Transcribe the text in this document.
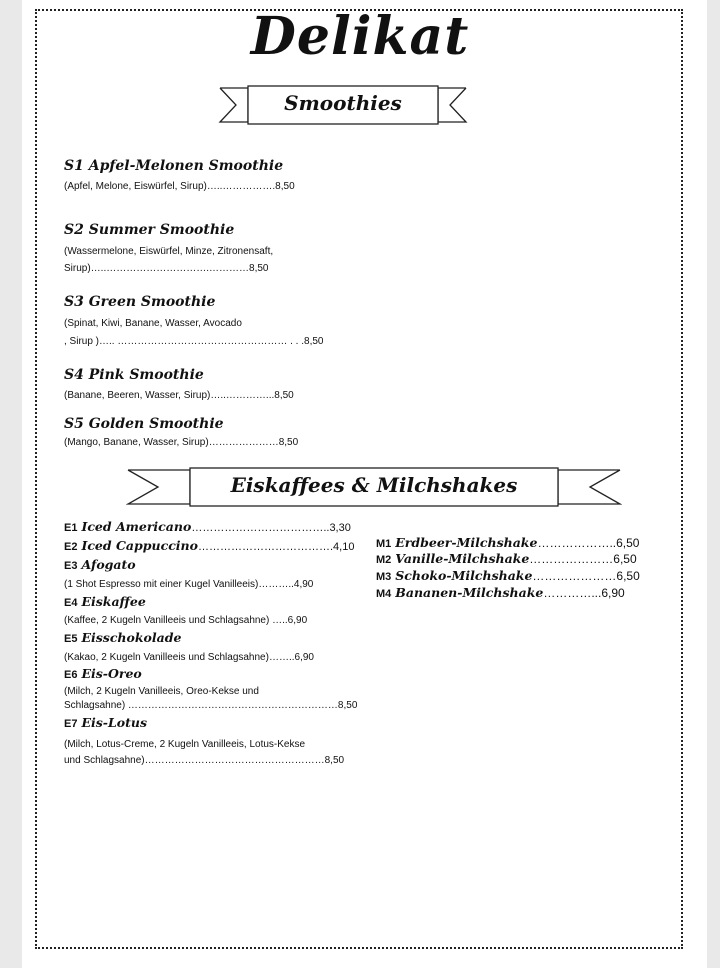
Delikat
Smoothies
S1 Apfel-Melonen Smoothie
(Apfel, Melone, Eiswürfel, Sirup)…..…………….8,50
S2 Summer Smoothie
(Wassermelone, Eiswürfel, Minze, Zitronensaft,
Sirup)…..………………………….…………8,50
S3 Green Smoothie
(Spinat, Kiwi, Banane, Wasser, Avocado
, Sirup )….. …………………………………………… . . .8,50
S4 Pink Smoothie
(Banane, Beeren, Wasser, Sirup)…..…………...8,50
S5 Golden Smoothie
(Mango, Banane, Wasser, Sirup)…………………8,50
Eiskaffees & Milchshakes
E1 Iced Americano………………………………..3,30
E2 Iced Cappuccino……………………………….4,10
E3 Afogato
(1 Shot Espresso mit einer Kugel Vanilleeis)………..4,90
E4 Eiskaffee
(Kaffee, 2 Kugeln Vanilleeis und Schlagsahne) …..6,90
E5 Eisschokolade
(Kakao, 2 Kugeln Vanilleeis und Schlagsahne)……..6,90
E6 Eis-Oreo
(Milch, 2 Kugeln Vanilleeis, Oreo-Kekse und
Schlagsahne) ………………………………………………………8,50
E7 Eis-Lotus
(Milch, Lotus-Creme, 2 Kugeln Vanilleeis, Lotus-Kekse
und Schlagsahne)………………………………………………8,50
M1 Erdbeer-Milchshake………………..6,50
M2 Vanille-Milchshake…………………6,50
M3 Schoko-Milchshake…………………6,50
M4 Bananen-Milchshake…………...6,90
